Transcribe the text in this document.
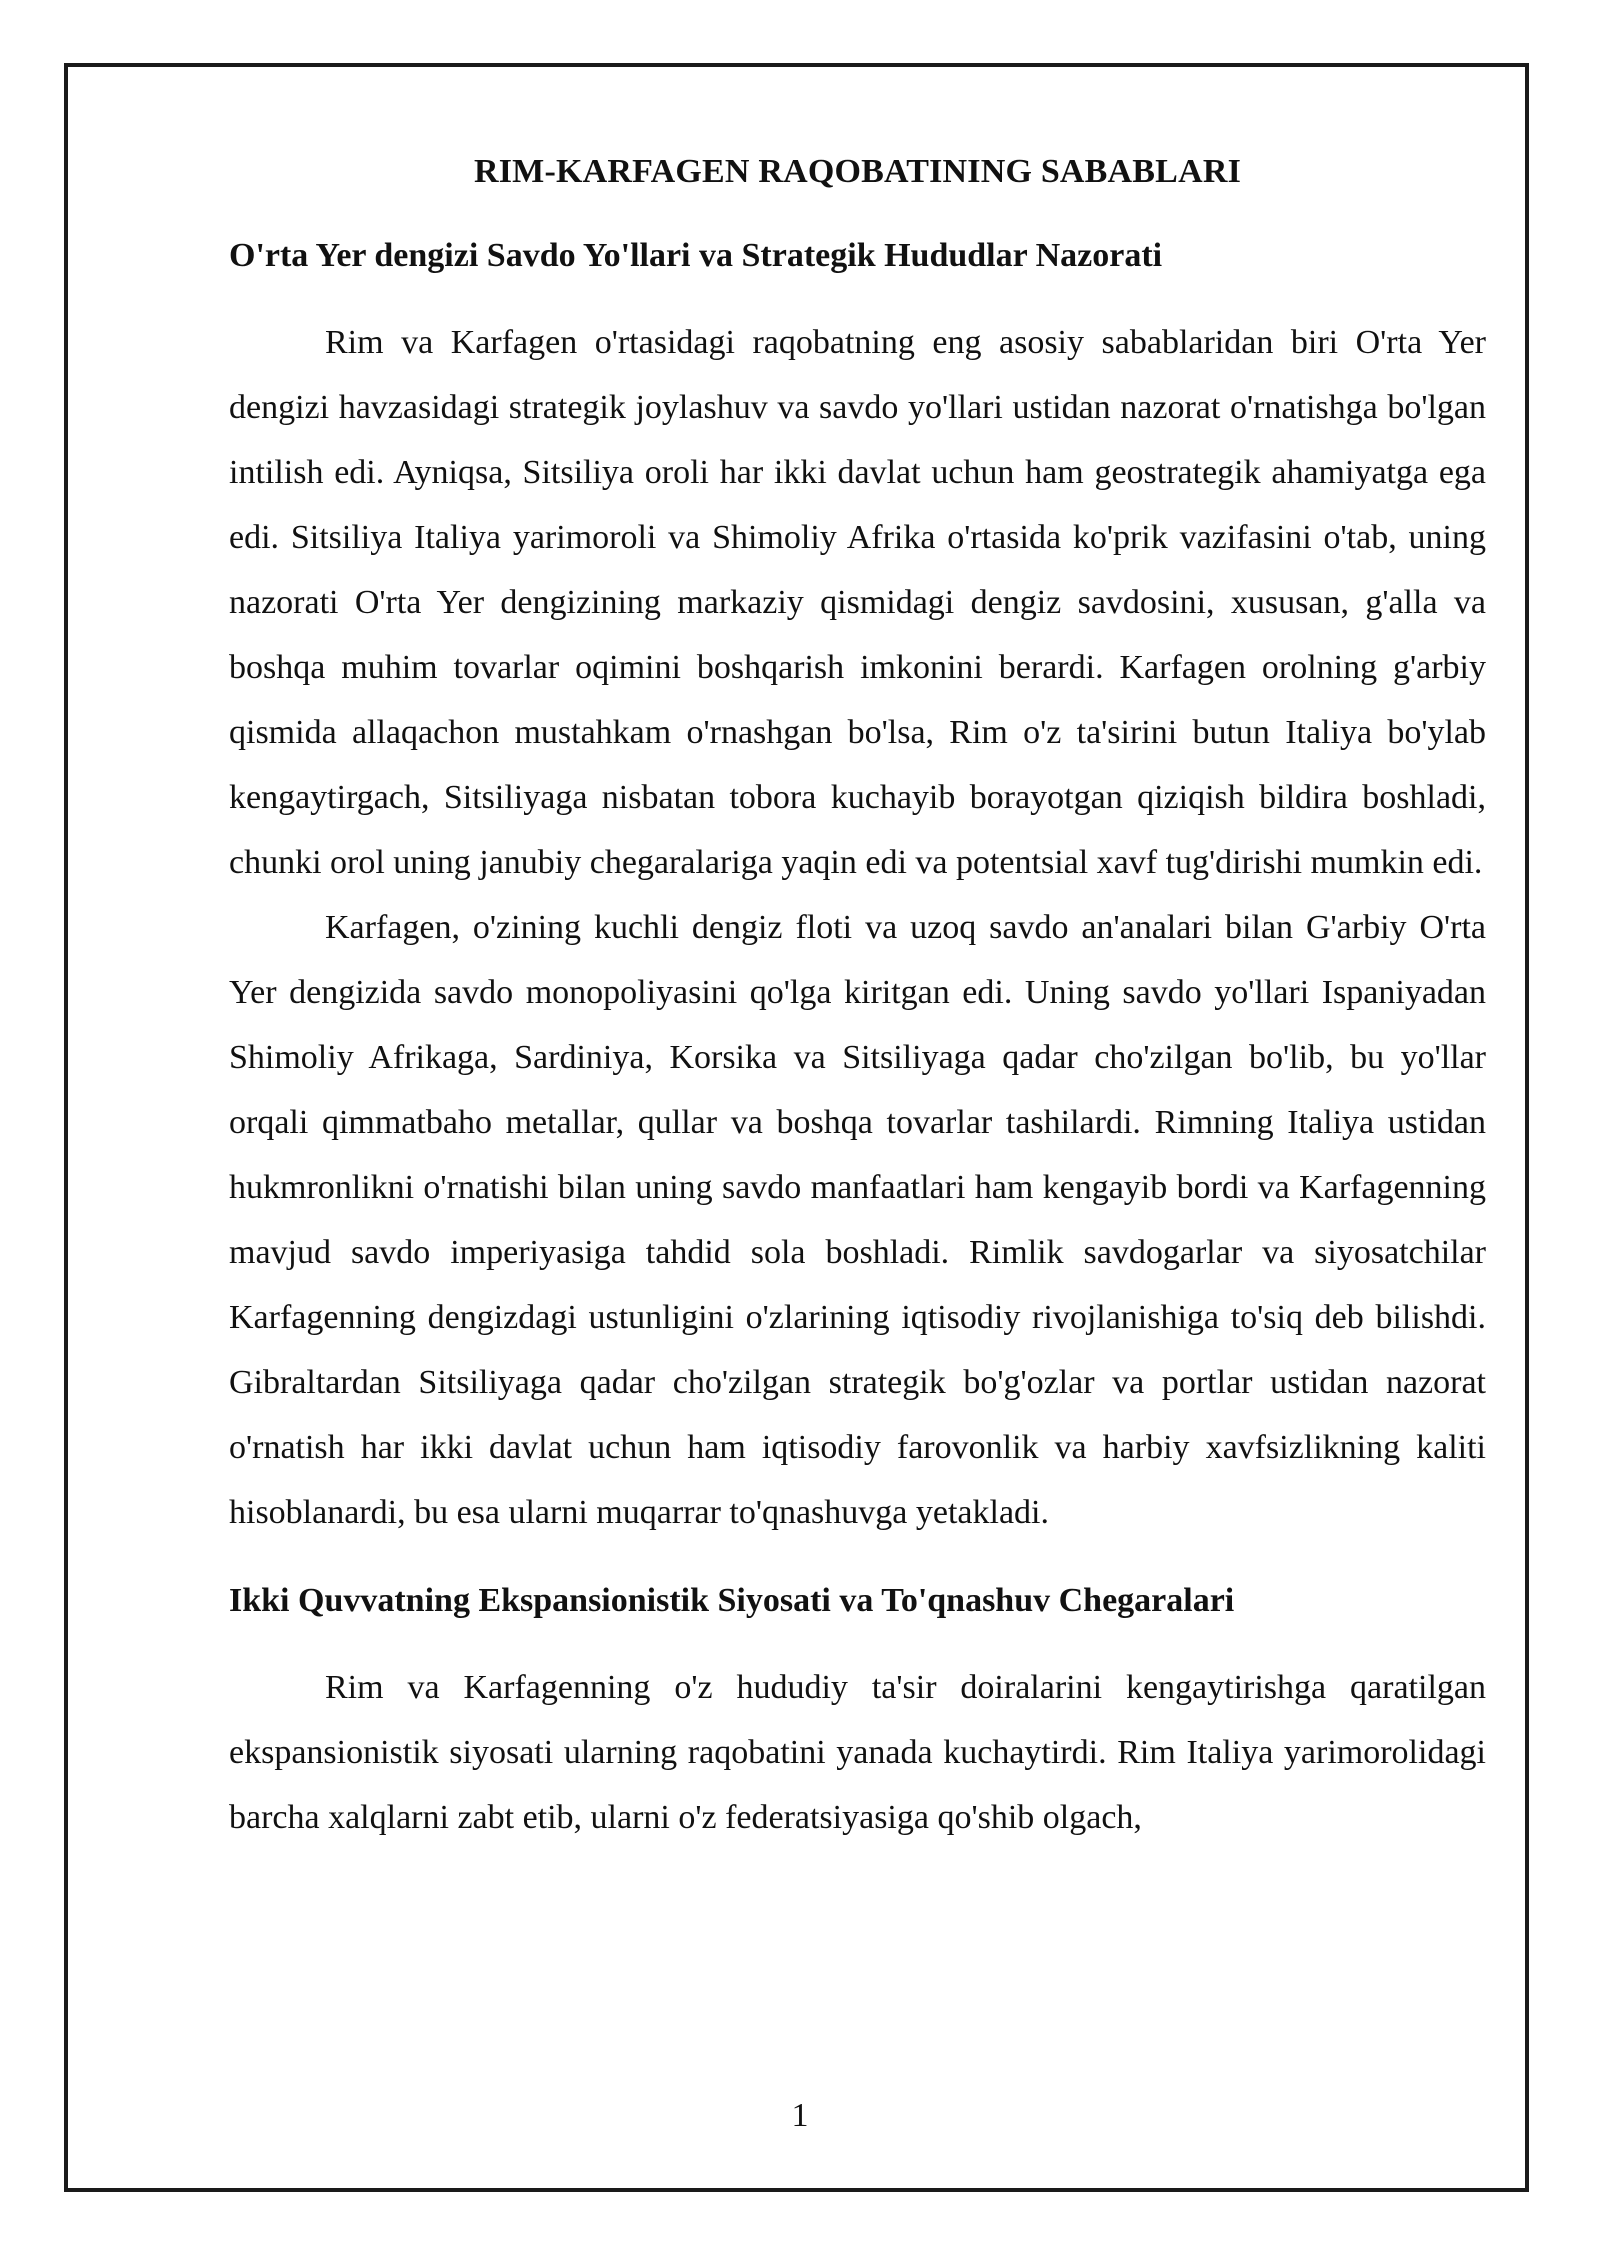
RIM-KARFAGEN RAQOBATINING SABABLARI
O'rta Yer dengizi Savdo Yo'llari va Strategik Hududlar Nazorati

Rim va Karfagen o'rtasidagi raqobatning eng asosiy sabablaridan biri O'rta Yer dengizi havzasidagi strategik joylashuv va savdo yo'llari ustidan nazorat o'rnatishga bo'lgan intilish edi. Ayniqsa, Sitsiliya oroli har ikki davlat uchun ham geostrategik ahamiyatga ega edi. Sitsiliya Italiya yarimoroli va Shimoliy Afrika o'rtasida ko'prik vazifasini o'tab, uning nazorati O'rta Yer dengizining markaziy qismidagi dengiz savdosini, xususan, g'alla va boshqa muhim tovarlar oqimini boshqarish imkonini berardi. Karfagen orolning g'arbiy qismida allaqachon mustahkam o'rnashgan bo'lsa, Rim o'z ta'sirini butun Italiya bo'ylab kengaytirgach, Sitsiliyaga nisbatan tobora kuchayib borayotgan qiziqish bildira boshladi, chunki orol uning janubiy chegaralariga yaqin edi va potentsial xavf tug'dirishi mumkin edi.

Karfagen, o'zining kuchli dengiz floti va uzoq savdo an'analari bilan G'arbiy O'rta Yer dengizida savdo monopoliyasini qo'lga kiritgan edi. Uning savdo yo'llari Ispaniyadan Shimoliy Afrikaga, Sardiniya, Korsika va Sitsiliyaga qadar cho'zilgan bo'lib, bu yo'llar orqali qimmatbaho metallar, qullar va boshqa tovarlar tashilardi. Rimning Italiya ustidan hukmronlikni o'rnatishi bilan uning savdo manfaatlari ham kengayib bordi va Karfagenning mavjud savdo imperiyasiga tahdid sola boshladi. Rimlik savdogarlar va siyosatchilar Karfagenning dengizdagi ustunligini o'zlarining iqtisodiy rivojlanishiga to'siq deb bilishdi. Gibraltardan Sitsiliyaga qadar cho'zilgan strategik bo'g'ozlar va portlar ustidan nazorat o'rnatish har ikki davlat uchun ham iqtisodiy farovonlik va harbiy xavfsizlikning kaliti hisoblanardi, bu esa ularni muqarrar to'qnashuvga yetakladi.

Ikki Quvvatning Ekspansionistik Siyosati va To'qnashuv Chegaralari

Rim va Karfagenning o'z hududiy ta'sir doiralarini kengaytirishga qaratilgan ekspansionistik siyosati ularning raqobatini yanada kuchaytirdi. Rim Italiya yarimorolidagi barcha xalqlarni zabt etib, ularni o'z federatsiyasiga qo'shib olgach,

1
